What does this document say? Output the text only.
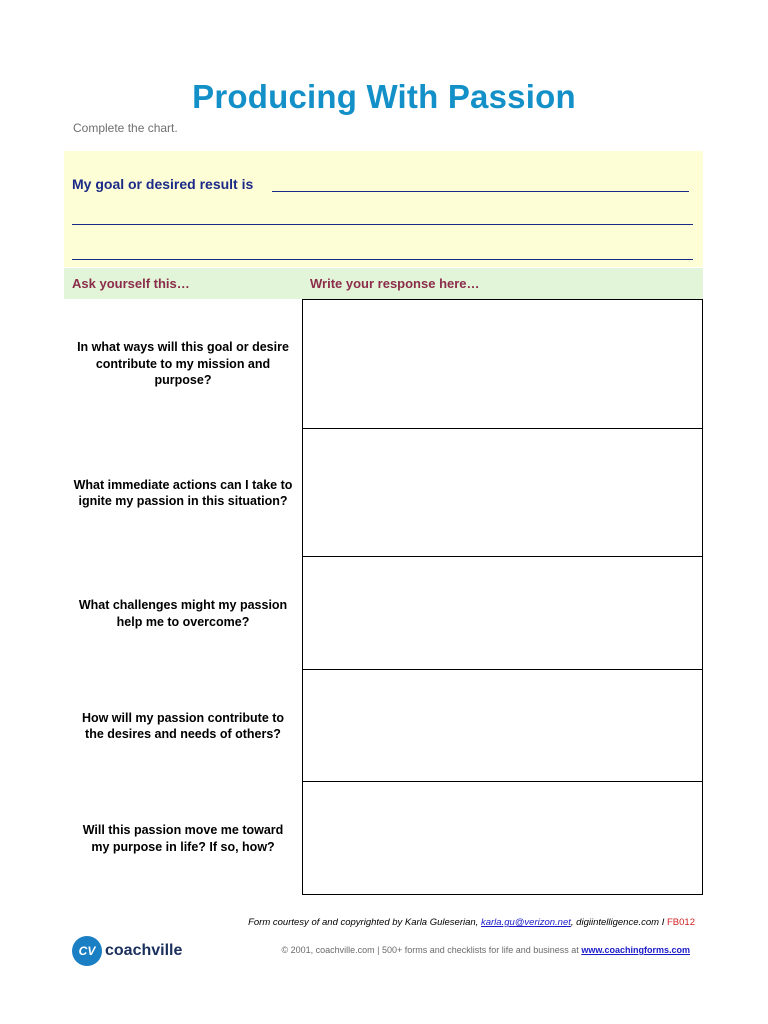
Producing With Passion
Complete the chart.
My goal or desired result is
Ask yourself this…	Write your response here…
In what ways will this goal or desire contribute to my mission and purpose?
What immediate actions can I take to ignite my passion in this situation?
What challenges might my passion help me to overcome?
How will my passion contribute to the desires and needs of others?
Will this passion move me toward my purpose in life? If so, how?
Form courtesy of and copyrighted by Karla Guleserian, karla.gu@verizon.net, digiintelligence.com I FB012
CV coachville	© 2001, coachville.com | 500+ forms and checklists for life and business at www.coachingforms.com
